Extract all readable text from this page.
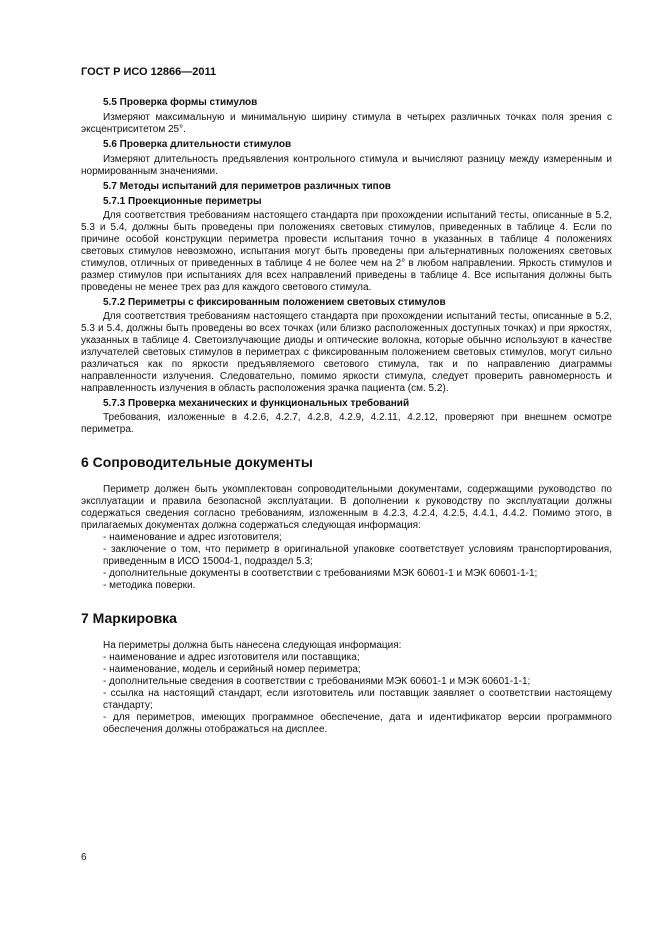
ГОСТ Р ИСО 12866—2011
5.5 Проверка формы стимулов
Измеряют максимальную и минимальную ширину стимула в четырех различных точках поля зрения с эксцентриситетом 25°.
5.6 Проверка длительности стимулов
Измеряют длительность предъявления контрольного стимула и вычисляют разницу между измеренным и нормированным значениями.
5.7 Методы испытаний для периметров различных типов
5.7.1 Проекционные периметры
Для соответствия требованиям настоящего стандарта при прохождении испытаний тесты, описанные в 5.2, 5.3 и 5.4, должны быть проведены при положениях световых стимулов, приведенных в таблице 4. Если по причине особой конструкции периметра провести испытания точно в указанных в таблице 4 положениях световых стимулов невозможно, испытания могут быть проведены при альтернативных положениях световых стимулов, отличных от приведенных в таблице 4 не более чем на 2° в любом направлении. Яркость стимулов и размер стимулов при испытаниях для всех направлений приведены в таблице 4. Все испытания должны быть проведены не менее трех раз для каждого светового стимула.
5.7.2 Периметры с фиксированным положением световых стимулов
Для соответствия требованиям настоящего стандарта при прохождении испытаний тесты, описанные в 5.2, 5.3 и 5.4, должны быть проведены во всех точках (или близко расположенных доступных точках) и при яркостях, указанных в таблице 4. Светоизлучающие диоды и оптические волокна, которые обычно используют в качестве излучателей световых стимулов в периметрах с фиксированным положением световых стимулов, могут сильно различаться как по яркости предъявляемого светового стимула, так и по направлению диаграммы направленности излучения. Следовательно, помимо яркости стимула, следует проверить равномерность и направленность излучения в область расположения зрачка пациента (см. 5.2).
5.7.3 Проверка механических и функциональных требований
Требования, изложенные в 4.2.6, 4.2.7, 4.2.8, 4.2.9, 4.2.11, 4.2.12, проверяют при внешнем осмотре периметра.
6 Сопроводительные документы
Периметр должен быть укомплектован сопроводительными документами, содержащими руководство по эксплуатации и правила безопасной эксплуатации. В дополнении к руководству по эксплуатации должны содержаться сведения согласно требованиям, изложенным в 4.2.3, 4.2.4, 4.2.5, 4.4.1, 4.4.2. Помимо этого, в прилагаемых документах должна содержаться следующая информация:
- наименование и адрес изготовителя;
- заключение о том, что периметр в оригинальной упаковке соответствует условиям транспортирования, приведенным в ИСО 15004-1, подраздел 5.3;
- дополнительные документы в соответствии с требованиями МЭК 60601-1 и МЭК 60601-1-1;
- методика поверки.
7 Маркировка
На периметры должна быть нанесена следующая информация:
- наименование и адрес изготовителя или поставщика;
- наименование, модель и серийный номер периметра;
- дополнительные сведения в соответствии с требованиями МЭК 60601-1 и МЭК 60601-1-1;
- ссылка на настоящий стандарт, если изготовитель или поставщик заявляет о соответствии настоящему стандарту;
- для периметров, имеющих программное обеспечение, дата и идентификатор версии программного обеспечения должны отображаться на дисплее.
6
